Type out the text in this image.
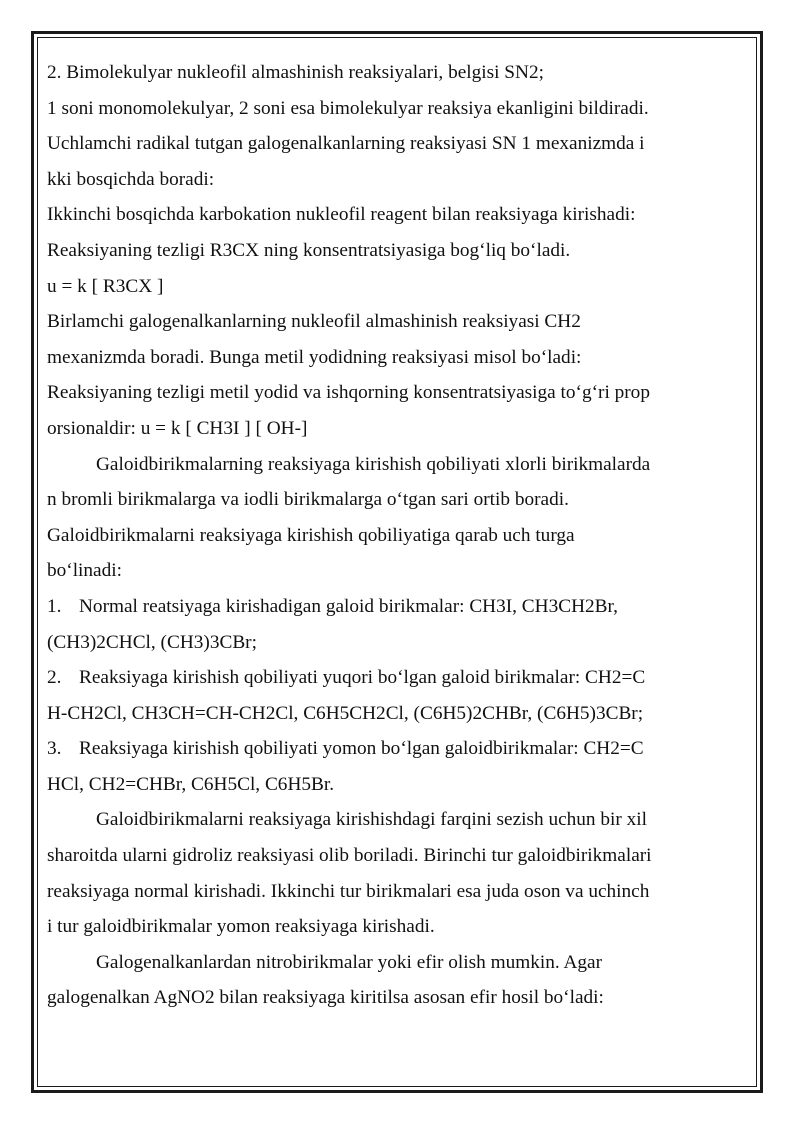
2. Bimolekulyar nukleofil almashinish reaksiyalari, belgisi SN2;
1 soni monomolekulyar, 2 soni esa bimolekulyar reaksiya ekanligini bildiradi.
Uchlamchi radikal tutgan galogenalkanlarning reaksiyasi SN 1 mexanizmda i
kki bosqichda boradi:
Ikkinchi bosqichda karbokation nukleofil reagent bilan reaksiyaga kirishadi:
Reaksiyaning tezligi R3CX ning konsentratsiyasiga bog‘liq bo‘ladi.
u = k [ R3CX ]
Birlamchi galogenalkanlarning nukleofil almashinish reaksiyasi CH2
mexanizmda boradi. Bunga metil yodidning reaksiyasi misol bo‘ladi:
Reaksiyaning tezligi metil yodid va ishqorning konsentratsiyasiga to‘g‘ri prop
orsionaldir: u = k [ CH3I ] [ OH-]
Galoidbirikmalarning reaksiyaga kirishish qobiliyati xlorli birikmalarda
n bromli birikmalarga va iodli birikmalarga o‘tgan sari ortib boradi.
Galoidbirikmalarni reaksiyaga kirishish qobiliyatiga qarab uch turga
bo‘linadi:
1. Normal reatsiyaga kirishadigan galoid birikmalar: CH3I, CH3CH2Br,
(CH3)2CHCl, (CH3)3CBr;
2. Reaksiyaga kirishish qobiliyati yuqori bo‘lgan galoid birikmalar: CH2=C
H-CH2Cl, CH3CH=CH-CH2Cl, C6H5CH2Cl, (C6H5)2CHBr, (C6H5)3CBr;
3. Reaksiyaga kirishish qobiliyati yomon bo‘lgan galoidbirikmalar: CH2=C
HCl, CH2=CHBr, C6H5Cl, C6H5Br.
Galoidbirikmalarni reaksiyaga kirishishdagi farqini sezish uchun bir xil
sharoitda ularni gidroliz reaksiyasi olib boriladi. Birinchi tur galoidbirikmalari
reaksiyaga normal kirishadi. Ikkinchi tur birikmalari esa juda oson va uchinch
i tur galoidbirikmalar yomon reaksiyaga kirishadi.
Galogenalkanlardan nitrobirikmalar yoki efir olish mumkin. Agar
galogenalkan AgNO2 bilan reaksiyaga kiritilsa asosan efir hosil bo‘ladi:
